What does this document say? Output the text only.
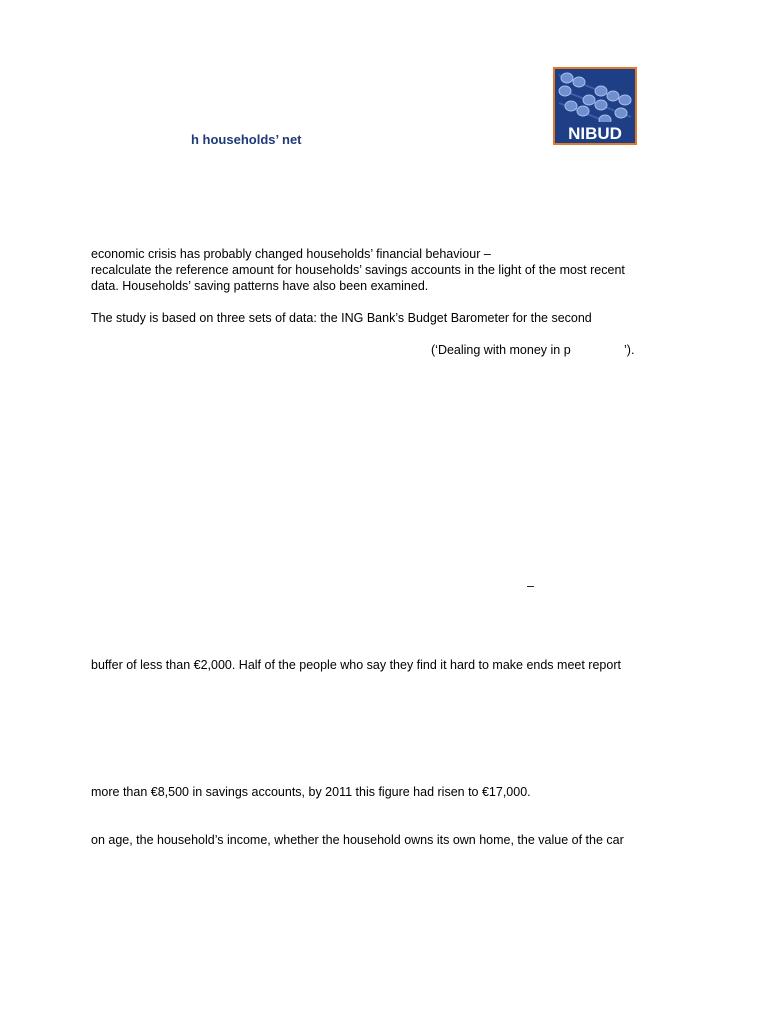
h households’ net	NIBUD
economic crisis has probably changed households’ financial behaviour –
recalculate the reference amount for households’ savings accounts in the light of the most recent
data. Households’ saving patterns have also been examined.
The study is based on three sets of data: the ING Bank’s Budget Barometer for the second
(‘Dealing with money in p	’).
–
buffer of less than €2,000. Half of the people who say they find it hard to make ends meet report
more than €8,500 in savings accounts, by 2011 this figure had risen to €17,000.
on age, the household’s income, whether the household owns its own home, the value of the car
